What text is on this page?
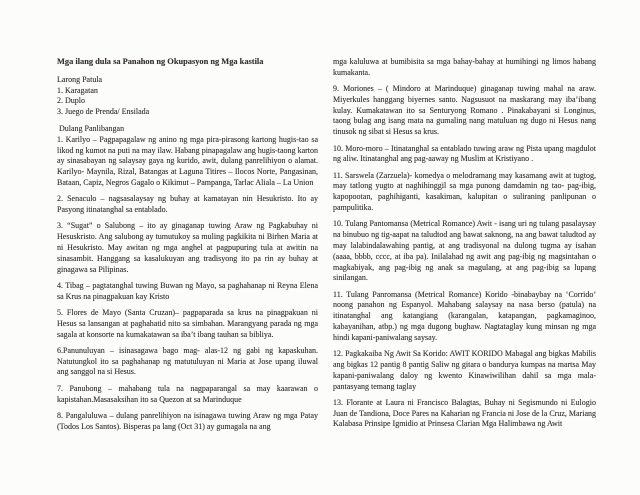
Mga ilang dula sa Panahon ng Okupasyon ng Mga kastila
Larong Patula
1. Karagatan
2. Duplo
3. Juego de Prenda/ Ensilada
Dulang Panlibangan

1. Karilyo – Pagpapagalaw ng anino ng mga pira-pirasong kartong hugis-tao sa likod ng kumot na puti na may ilaw. Habang pinapagalaw ang hugis-taong karton ay sinasabayan ng salaysay gaya ng kurido, awit, dulang panrelihiyon o alamat. Karilyo- Maynila, Rizal, Batangas at Laguna Titires – Ilocos Norte, Pangasinan, Bataan, Capiz, Negros Gagalo o Kikimut – Pampanga, Tarlac Aliala – La Union

2. Senaculo – nagsasalaysay ng buhay at kamatayan nin Hesukristo. Ito ay Pasyong itinatanghal sa entablado.

3. “Sugat” o Salubong – ito ay ginaganap tuwing Araw ng Pagkabuhay ni Hesuskristo. Ang salubong ay tumutukoy sa muling pagkikita ni Birhen Maria at ni Hesukristo. May awitan ng mga anghel at pagpupuring tula at awitin na sinasambit. Hanggang sa kasalukuyan ang tradisyong ito pa rin ay buhay at ginagawa sa Pilipinas.

4. Tibag – pagtatanghal tuwing Buwan ng Mayo, sa paghahanap ni Reyna Elena sa Krus na pinagpakuan kay Kristo

5. Flores de Mayo (Santa Cruzan)– pagpaparada sa krus na pinagpakuan ni Hesus sa lansangan at paghahatid nito sa simbahan. Marangyang parada ng mga sagala at konsorte na kumakatawan sa iba’t ibang tauhan sa bibliya.

6.Panunuluyan – isinasagawa bago mag- alas-12 ng gabi ng kapaskuhan. Natutungkol ito sa paghahanap ng matutuluyan ni Maria at Jose upang iluwal ang sanggol na si Hesus.

7. Panubong – mahabang tula na nagpaparangal sa may kaarawan o kapistahan.Masasaksihan ito sa Quezon at sa Marinduque

8. Pangaluluwa – dulang panrelihiyon na isinagawa tuwing Araw ng mga Patay (Todos Los Santos). Bisperas pa lang (Oct 31) ay gumagala na ang

mga kaluluwa at bumibisita sa mga bahay-bahay at humihingi ng limos habang kumakanta.

9. Moriones – ( Mindoro at Marinduque) ginaganap tuwing mahal na araw. Miyerkules hanggang biyernes santo. Nagsusuot na maskarang may iba’ibang kulay. Kumakatawan ito sa Senturyong Romano . Pinakabayani si Longinus, taong bulag ang isang mata na gumaling nang matuluan ng dugo ni Hesus nang tinusok ng sibat si Hesus sa krus.

10. Moro-moro – Itinatanghal sa entablado tuwing araw ng Pista upang magdulot ng aliw. Itinatanghal ang pag-aaway ng Muslim at Kristiyano .

11. Sarswela (Zarzuela)- komedya o melodramang may kasamang awit at tugtog, may tatlong yugto at naghihinggil sa mga punong damdamin ng tao- pag-ibig, kapopootan, paghihiganti, kasakiman, kalupitan o suliraning panlipunan o pampulitika.

10. Tulang Pantomansa (Metrical Romance) Awit - isang uri ng tulang pasalaysay na binubuo ng tig-aapat na taludtod ang bawat saknong, na ang bawat taludtod ay may lalabindalawahing pantig, at ang tradisyonal na dulong tugma ay isahan (aaaa, bbbb, cccc, at iba pa). Inilalahad ng awit ang pag-ibig ng magsintahan o magkabiyak, ang pag-ibig ng anak sa magulang, at ang pag-ibig sa lupang sinilangan.

11. Tulang Panromansa (Metrical Romance) Korido -binabaybay na ‘Corrido’ noong panahon ng Espanyol. Mahabang salaysay na nasa berso (patula) na itinatanghal ang katangiang (karangalan, katapangan, pagkamaginoo, kabayanihan, atbp.) ng mga dugong bughaw. Nagtataglay kung minsan ng mga hindi kapani-paniwalang saysay.

12. Pagkakaiba Ng Awit Sa Korido: AWIT KORIDO Mabagal ang bigkas Mabilis ang bigkas 12 pantig 8 pantig Saliw ng gitara o bandurya kumpas na martsa May kapani-paniwalang daloy ng kwento Kinawiwilihan dahil sa mga mala- pantasyang temang taglay

13. Florante at Laura ni Francisco Balagtas, Buhay ni Segismundo ni Eulogio Juan de Tandiona, Doce Pares na Kaharian ng Francia ni Jose de la Cruz, Mariang Kalabasa Prinsipe Igmidio at Prinsesa Clarian Mga Halimbawa ng Awit
